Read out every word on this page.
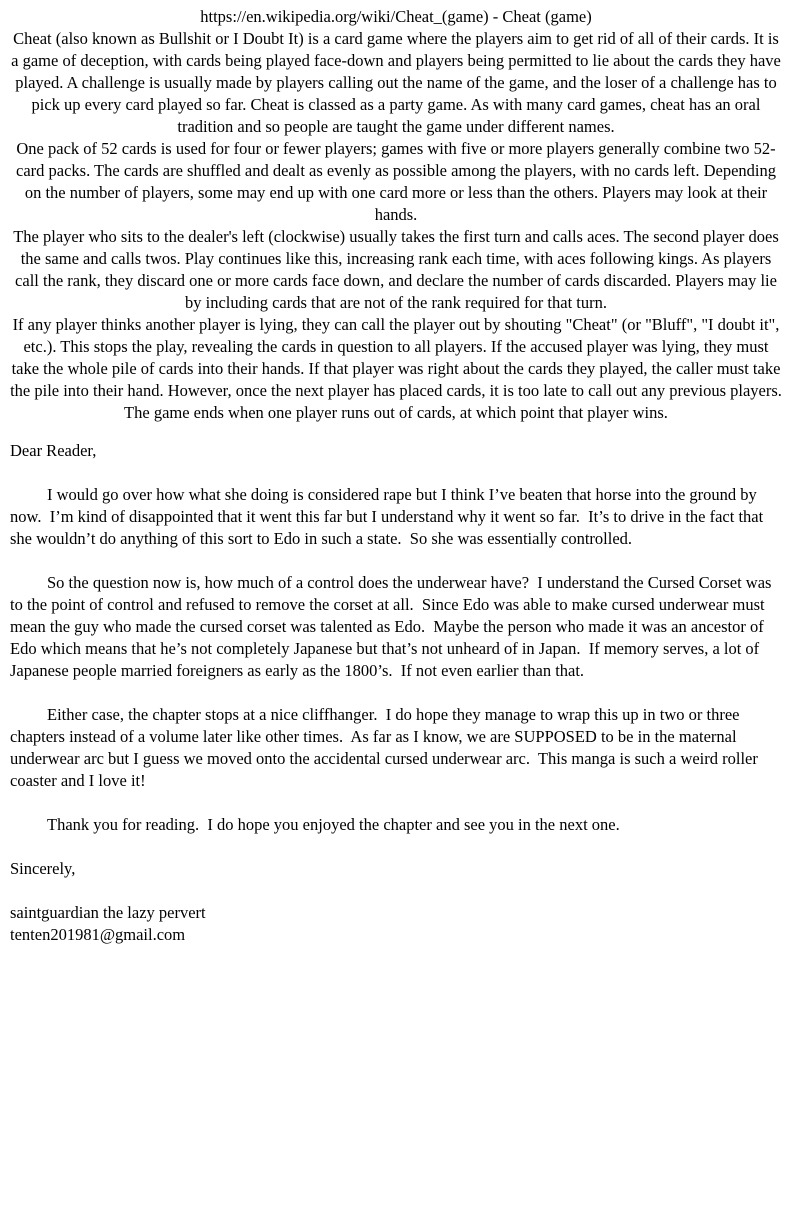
https://en.wikipedia.org/wiki/Cheat_(game) - Cheat (game)

Cheat (also known as Bullshit or I Doubt It) is a card game where the players aim to get rid of all of their cards. It is a game of deception, with cards being played face-down and players being permitted to lie about the cards they have played. A challenge is usually made by players calling out the name of the game, and the loser of a challenge has to pick up every card played so far. Cheat is classed as a party game. As with many card games, cheat has an oral tradition and so people are taught the game under different names.

One pack of 52 cards is used for four or fewer players; games with five or more players generally combine two 52-card packs. The cards are shuffled and dealt as evenly as possible among the players, with no cards left. Depending on the number of players, some may end up with one card more or less than the others. Players may look at their hands.

The player who sits to the dealer's left (clockwise) usually takes the first turn and calls aces. The second player does the same and calls twos. Play continues like this, increasing rank each time, with aces following kings. As players call the rank, they discard one or more cards face down, and declare the number of cards discarded. Players may lie by including cards that are not of the rank required for that turn.

If any player thinks another player is lying, they can call the player out by shouting "Cheat" (or "Bluff", "I doubt it", etc.). This stops the play, revealing the cards in question to all players. If the accused player was lying, they must take the whole pile of cards into their hands. If that player was right about the cards they played, the caller must take the pile into their hand. However, once the next player has placed cards, it is too late to call out any previous players.

The game ends when one player runs out of cards, at which point that player wins.

Dear Reader,

I would go over how what she doing is considered rape but I think I’ve beaten that horse into the ground by now.  I’m kind of disappointed that it went this far but I understand why it went so far.  It’s to drive in the fact that she wouldn’t do anything of this sort to Edo in such a state.  So she was essentially controlled.

So the question now is, how much of a control does the underwear have?  I understand the Cursed Corset was to the point of control and refused to remove the corset at all.  Since Edo was able to make cursed underwear must mean the guy who made the cursed corset was talented as Edo.  Maybe the person who made it was an ancestor of Edo which means that he’s not completely Japanese but that’s not unheard of in Japan.  If memory serves, a lot of Japanese people married foreigners as early as the 1800’s.  If not even earlier than that.

Either case, the chapter stops at a nice cliffhanger.  I do hope they manage to wrap this up in two or three chapters instead of a volume later like other times.  As far as I know, we are SUPPOSED to be in the maternal underwear arc but I guess we moved onto the accidental cursed underwear arc.  This manga is such a weird roller coaster and I love it!

Thank you for reading.  I do hope you enjoyed the chapter and see you in the next one.

Sincerely,

saintguardian the lazy pervert

tenten201981@gmail.com
